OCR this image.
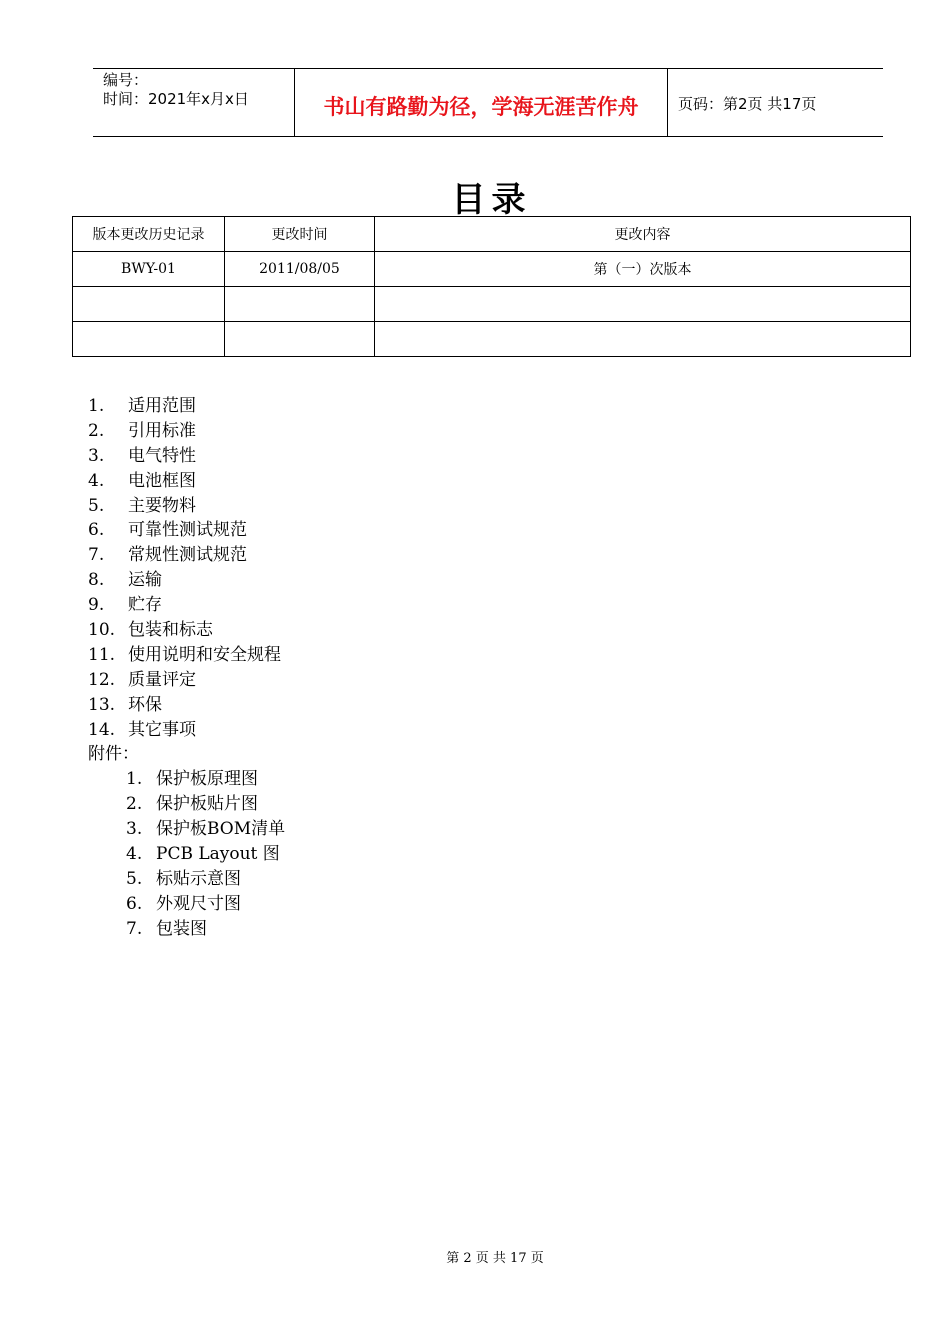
编号：
时间：2021年x月x日	书山有路勤为径，学海无涯苦作舟	页码：第2页 共17页
目录
版本更改历史记录	更改时间	更改内容
BWY-01	2011/08/05	第（一）次版本

1. 适用范围
2. 引用标准
3. 电气特性
4. 电池框图
5. 主要物料
6. 可靠性测试规范
7. 常规性测试规范
8. 运输
9. 贮存
10. 包装和标志
11. 使用说明和安全规程
12. 质量评定
13. 环保
14. 其它事项
附件：
1. 保护板原理图
2. 保护板贴片图
3. 保护板BOM清单
4. PCB Layout 图
5. 标贴示意图
6. 外观尺寸图
7. 包装图
第 2 页 共 17 页
